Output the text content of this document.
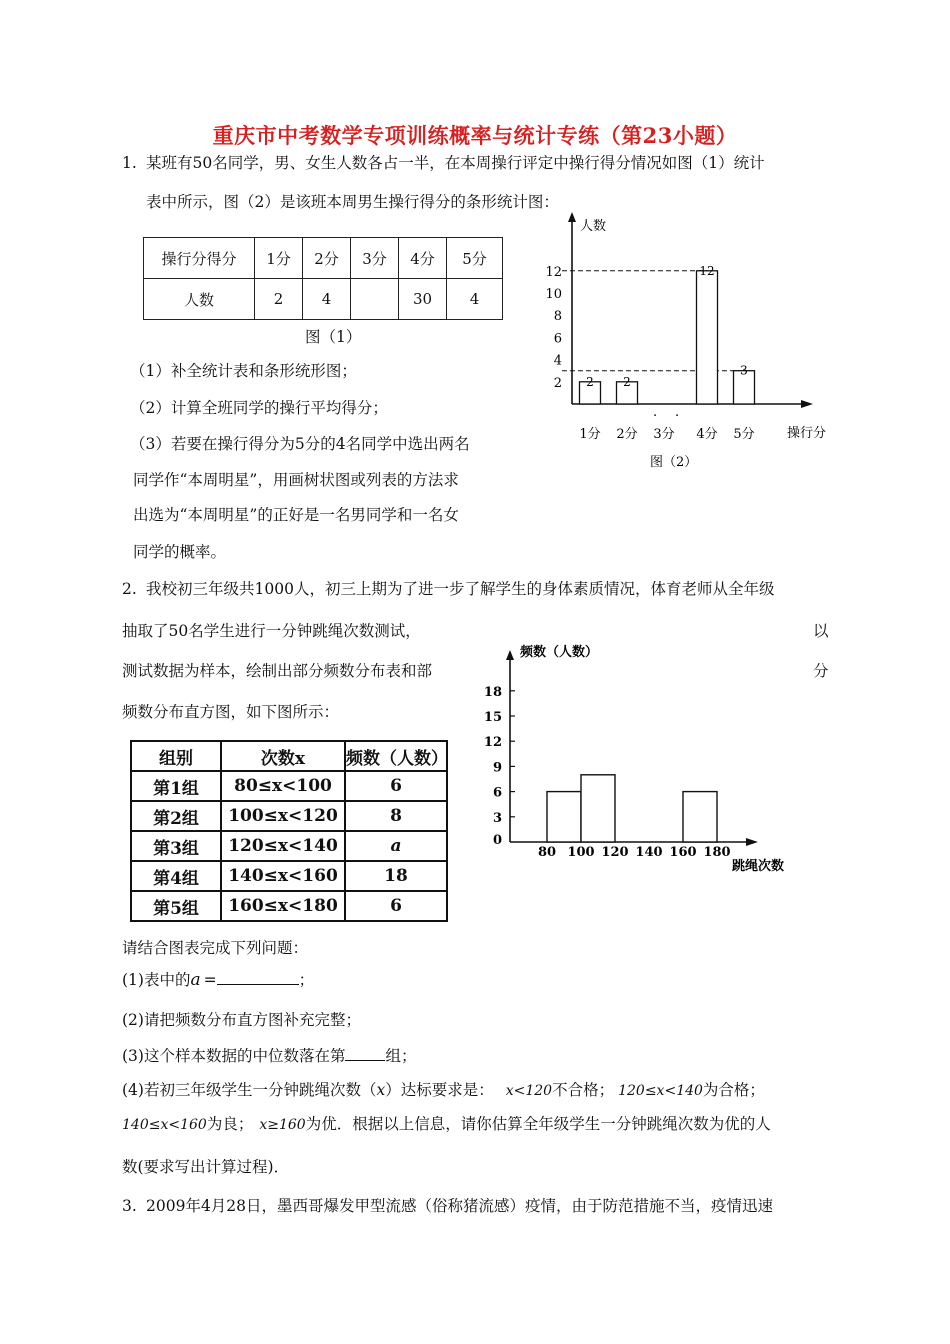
重庆市中考数学专项训练概率与统计专练（第23小题）
1. 某班有50名同学，男、女生人数各占一半，在本周操行评定中操行得分情况如图（1）统计
表中所示，图（2）是该班本周男生操行得分的条形统计图：
操行分得分	1分	2分	3分	4分	5分
人数	2	4		30	4
图（1）
（1）补全统计表和条形统形图；
（2）计算全班同学的操行平均得分；
（3）若要在操行得分为5分的4名同学中选出两名
同学作“本周明星”，用画树状图或列表的方法求
出选为“本周明星”的正好是一名男同学和一名女
同学的概率。
2
4
6
8
10
12
1分
2
2分
2
3分 4分
12
5分
3
. .
人数
操行分
图（2）
2. 我校初三年级共1000人，初三上期为了进一步了解学生的身体素质情况，体育老师从全年级
抽取了50名学生进行一分钟跳绳次数测试，	以
测试数据为样本，绘制出部分频数分布表和部	分
频数分布直方图，如下图所示：
组别	次数x	频数（人数）
第1组	80≤x<100	6
第2组	100≤x<120	8
第3组	120≤x<140	a
第4组	140≤x<160	18
第5组	160≤x<180	6
0
3
6
9
12
15
18
80 100 120 140 160 180
频数（人数）
跳绳次数
请结合图表完成下列问题：
(1)表中的a =	；
(2)请把频数分布直方图补充完整；
(3)这个样本数据的中位数落在第	组；
(4)若初三年级学生一分钟跳绳次数（x）达标要求是： x<120不合格； 120≤x<140为合格；
140≤x<160为良； x≥160为优．根据以上信息，请你估算全年级学生一分钟跳绳次数为优的人
数(要求写出计算过程)．
3. 2009年4月28日，墨西哥爆发甲型流感（俗称猪流感）疫情，由于防范措施不当，疫情迅速
